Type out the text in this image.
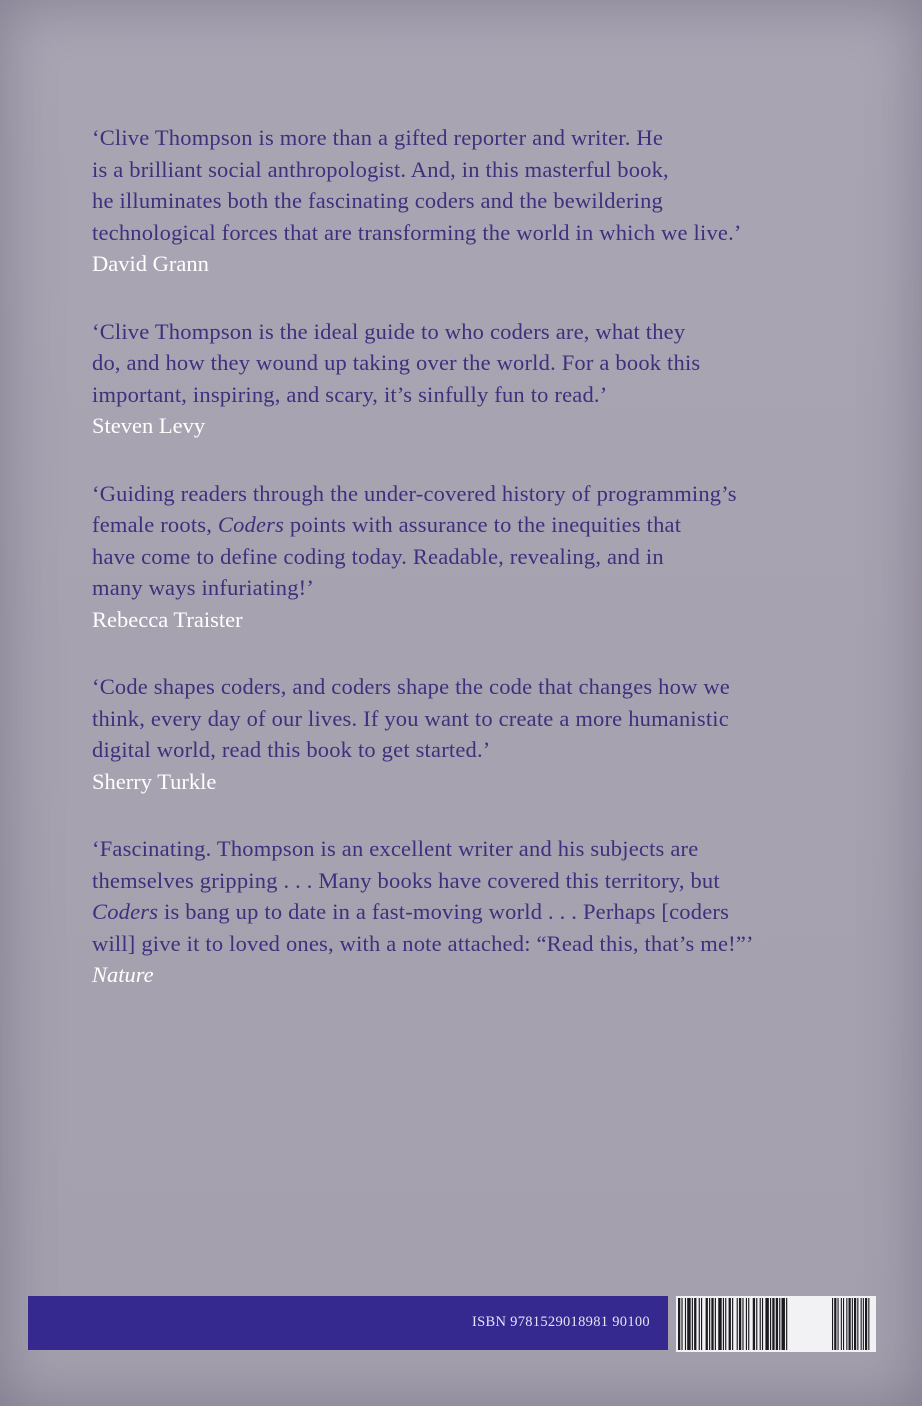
‘Clive Thompson is more than a gifted reporter and writer. He
is a brilliant social anthropologist. And, in this masterful book,
he illuminates both the fascinating coders and the bewildering
technological forces that are transforming the world in which we live.’

David Grann

‘Clive Thompson is the ideal guide to who coders are, what they
do, and how they wound up taking over the world. For a book this
important, inspiring, and scary, it’s sinfully fun to read.’

Steven Levy

‘Guiding readers through the under-covered history of programming’s
female roots, Coders points with assurance to the inequities that
have come to define coding today. Readable, revealing, and in
many ways infuriating!’

Rebecca Traister

‘Code shapes coders, and coders shape the code that changes how we
think, every day of our lives. If you want to create a more humanistic
digital world, read this book to get started.’

Sherry Turkle

‘Fascinating. Thompson is an excellent writer and his subjects are
themselves gripping . . . Many books have covered this territory, but
Coders is bang up to date in a fast-moving world . . . Perhaps [coders
will] give it to loved ones, with a note attached: “Read this, that’s me!”’

Nature

ISBN 9781529018981 90100
